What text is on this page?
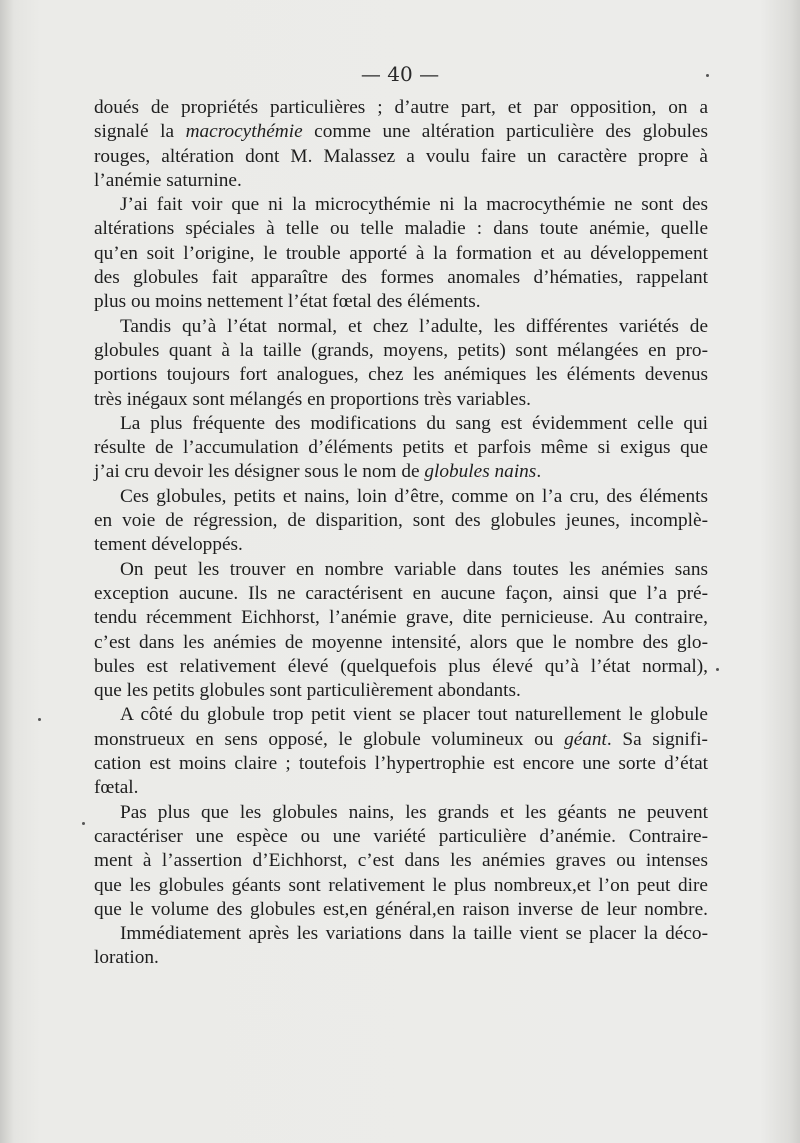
— 40 —
doués de propriétés particulières ; d’autre part, et par opposition, on a
signalé la macrocythémie comme une altération particulière des globules
rouges, altération dont M. Malassez a voulu faire un caractère propre à
l’anémie saturnine.
J’ai fait voir que ni la microcythémie ni la macrocythémie ne sont des
altérations spéciales à telle ou telle maladie : dans toute anémie, quelle
qu’en soit l’origine, le trouble apporté à la formation et au développement
des globules fait apparaître des formes anomales d’hématies, rappelant
plus ou moins nettement l’état fœtal des éléments.
Tandis qu’à l’état normal, et chez l’adulte, les différentes variétés de
globules quant à la taille (grands, moyens, petits) sont mélangées en pro-
portions toujours fort analogues, chez les anémiques les éléments devenus
très inégaux sont mélangés en proportions très variables.
La plus fréquente des modifications du sang est évidemment celle qui
résulte de l’accumulation d’éléments petits et parfois même si exigus que
j’ai cru devoir les désigner sous le nom de globules nains.
Ces globules, petits et nains, loin d’être, comme on l’a cru, des éléments
en voie de régression, de disparition, sont des globules jeunes, incomplè-
tement développés.
On peut les trouver en nombre variable dans toutes les anémies sans
exception aucune. Ils ne caractérisent en aucune façon, ainsi que l’a pré-
tendu récemment Eichhorst, l’anémie grave, dite pernicieuse. Au contraire,
c’est dans les anémies de moyenne intensité, alors que le nombre des glo-
bules est relativement élevé (quelquefois plus élevé qu’à l’état normal),
que les petits globules sont particulièrement abondants.
A côté du globule trop petit vient se placer tout naturellement le globule
monstrueux en sens opposé, le globule volumineux ou géant. Sa signifi-
cation est moins claire ; toutefois l’hypertrophie est encore une sorte d’état
fœtal.
Pas plus que les globules nains, les grands et les géants ne peuvent
caractériser une espèce ou une variété particulière d’anémie. Contraire-
ment à l’assertion d’Eichhorst, c’est dans les anémies graves ou intenses
que les globules géants sont relativement le plus nombreux,et l’on peut dire
que le volume des globules est,en général,en raison inverse de leur nombre.
Immédiatement après les variations dans la taille vient se placer la déco-
loration.
